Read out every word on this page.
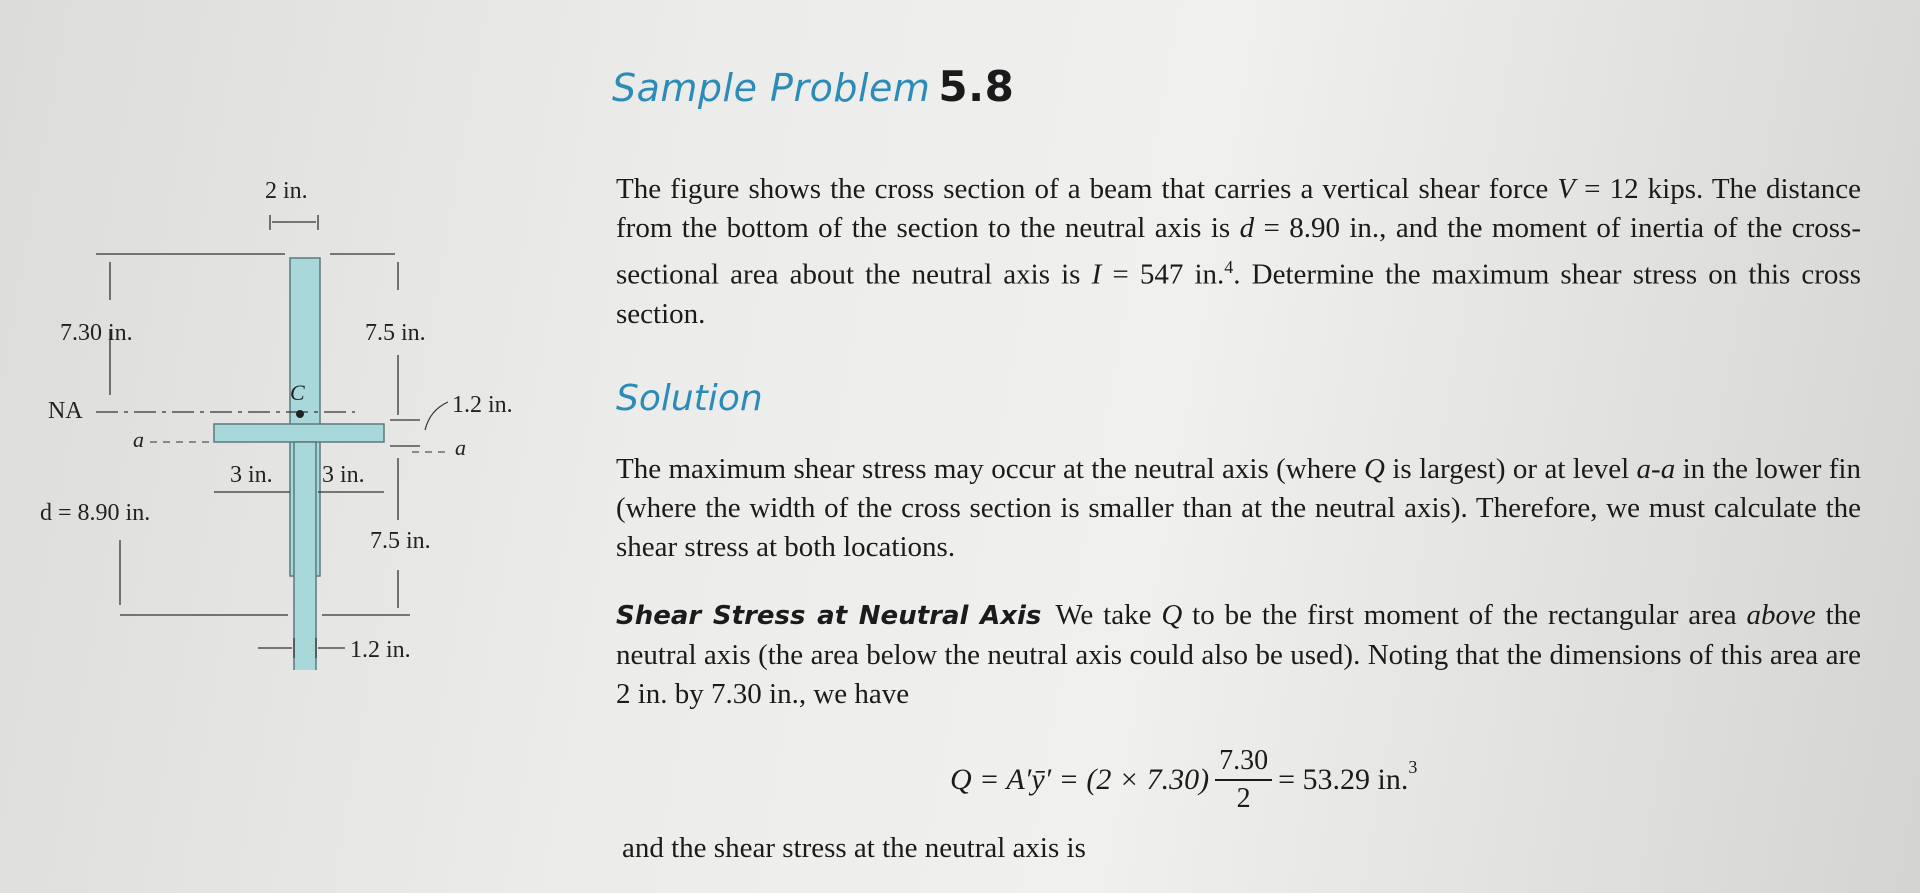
2 in.
7.30 in.	7.5 in.
NA
C	1.2 in.
a	a
3 in. 3 in.
d = 8.90 in.
7.5 in.
1.2 in.
Sample Problem 5.8

The figure shows the cross section of a beam that carries a vertical shear force V = 12 kips. The distance from the bottom of the section to the neutral axis is d = 8.90 in., and the moment of inertia of the cross-sectional area about the neutral axis is I = 547 in.$^4$. Determine the maximum shear stress on this cross section.

Solution

The maximum shear stress may occur at the neutral axis (where Q is largest) or at level a-a in the lower fin (where the width of the cross section is smaller than at the neutral axis). Therefore, we must calculate the shear stress at both locations.

Shear Stress at Neutral Axis We take Q to be the first moment of the rectangular area above the neutral axis (the area below the neutral axis could also be used). Noting that the dimensions of this area are 2 in. by 7.30 in., we have

Q = A′ȳ′ = $(2 \times 7.30) \frac{7.30}{2} = 53.29$ in.$^3$
and the shear stress at the neutral axis is
